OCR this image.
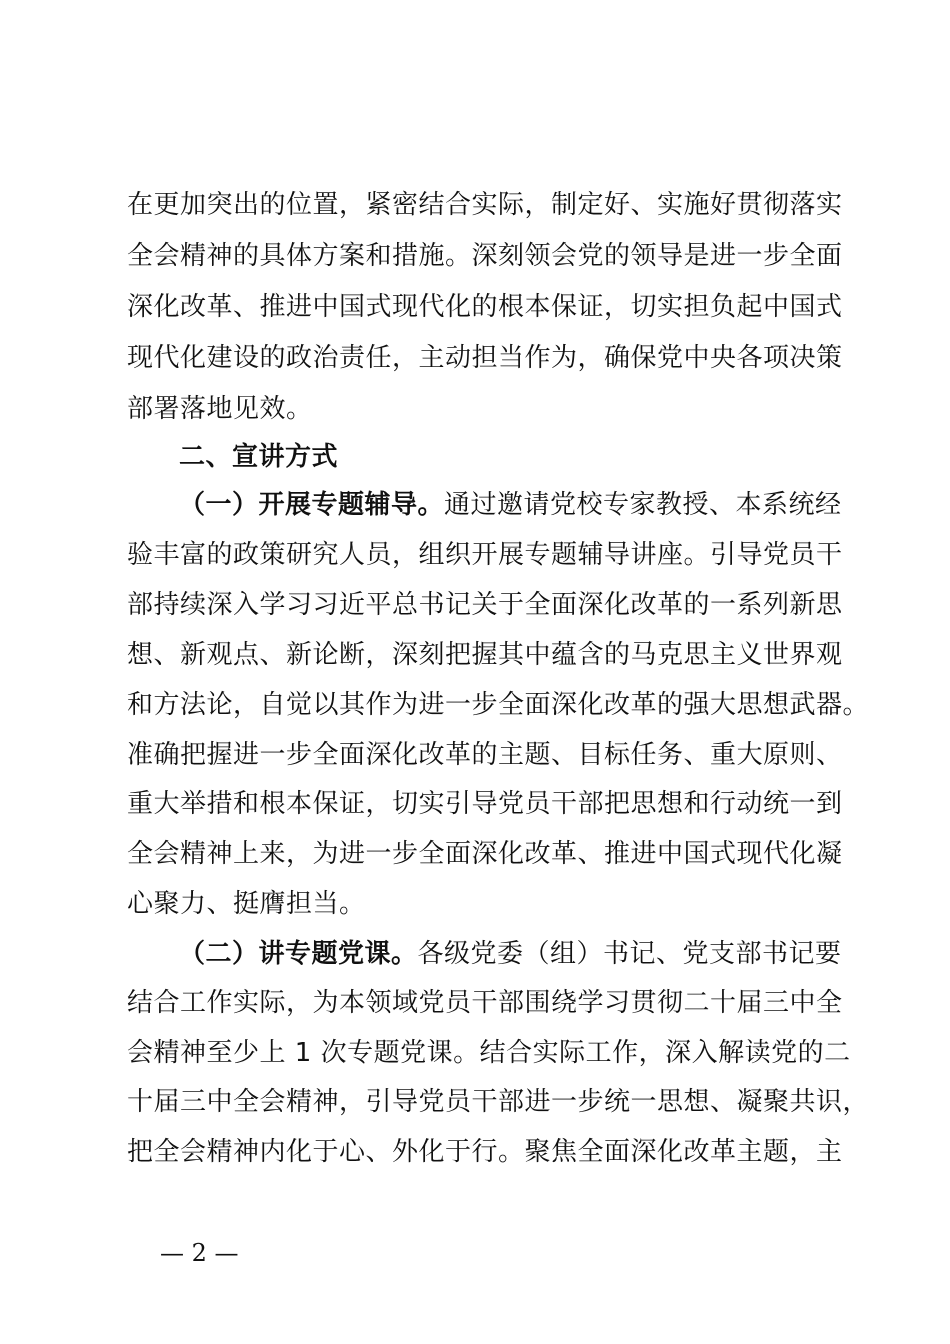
在更加突出的位置，紧密结合实际，制定好、实施好贯彻落实
全会精神的具体方案和措施。深刻领会党的领导是进一步全面
深化改革、推进中国式现代化的根本保证，切实担负起中国式
现代化建设的政治责任，主动担当作为，确保党中央各项决策
部署落地见效。
二、宣讲方式
（一）开展专题辅导。通过邀请党校专家教授、本系统经
验丰富的政策研究人员，组织开展专题辅导讲座。引导党员干
部持续深入学习习近平总书记关于全面深化改革的一系列新思
想、新观点、新论断，深刻把握其中蕴含的马克思主义世界观
和方法论，自觉以其作为进一步全面深化改革的强大思想武器。
准确把握进一步全面深化改革的主题、目标任务、重大原则、
重大举措和根本保证，切实引导党员干部把思想和行动统一到
全会精神上来，为进一步全面深化改革、推进中国式现代化凝
心聚力、挺膺担当。
（二）讲专题党课。各级党委（组）书记、党支部书记要
结合工作实际，为本领域党员干部围绕学习贯彻二十届三中全
会精神至少上 1 次专题党课。结合实际工作，深入解读党的二
十届三中全会精神，引导党员干部进一步统一思想、凝聚共识，
把全会精神内化于心、外化于行。聚焦全面深化改革主题，主
— 2 —
